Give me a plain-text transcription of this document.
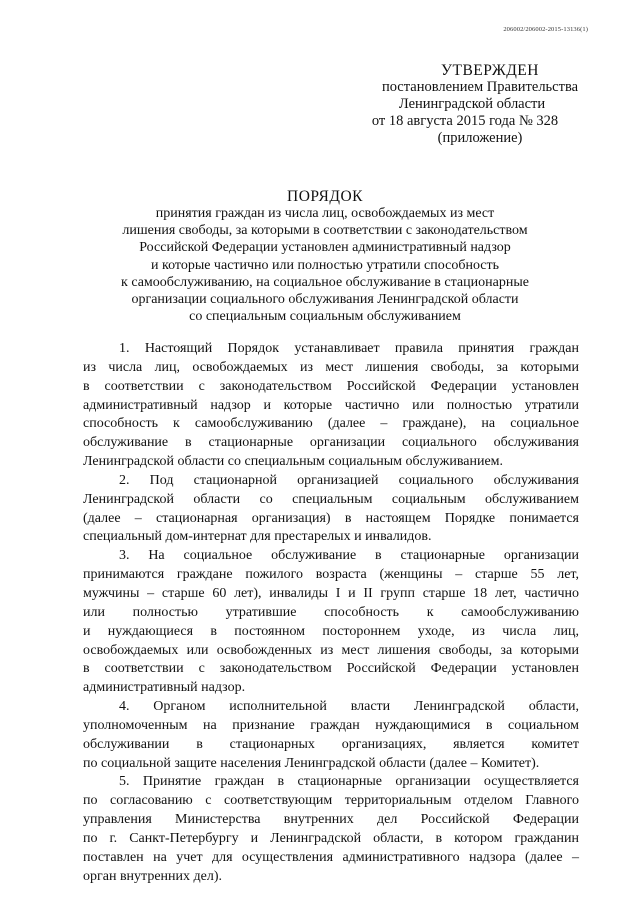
206002/206002-2015-13136(1)
УТВЕРЖДЕН
постановлением Правительства
Ленинградской области
от 18 августа 2015 года № 328
(приложение)
ПОРЯДОК
принятия граждан из числа лиц, освобождаемых из мест
лишения свободы, за которыми в соответствии с законодательством
Российской Федерации установлен административный надзор
и которые частично или полностью утратили способность
к самообслуживанию, на социальное обслуживание в стационарные
организации социального обслуживания Ленинградской области
со специальным социальным обслуживанием

1. Настоящий Порядок устанавливает правила принятия граждан
из числа лиц, освобождаемых из мест лишения свободы, за которыми
в соответствии с законодательством Российской Федерации установлен
административный надзор и которые частично или полностью утратили
способность к самообслуживанию (далее – граждане), на социальное
обслуживание в стационарные организации социального обслуживания
Ленинградской области со специальным социальным обслуживанием.

2. Под стационарной организацией социального обслуживания
Ленинградской области со специальным социальным обслуживанием
(далее – стационарная организация) в настоящем Порядке понимается
специальный дом-интернат для престарелых и инвалидов.

3. На социальное обслуживание в стационарные организации
принимаются граждане пожилого возраста (женщины – старше 55 лет,
мужчины – старше 60 лет), инвалиды I и II групп старше 18 лет, частично
или полностью утратившие способность к самообслуживанию
и нуждающиеся в постоянном постороннем уходе, из числа лиц,
освобождаемых или освобожденных из мест лишения свободы, за которыми
в соответствии с законодательством Российской Федерации установлен
административный надзор.

4. Органом исполнительной власти Ленинградской области,
уполномоченным на признание граждан нуждающимися в социальном
обслуживании в стационарных организациях, является комитет
по социальной защите населения Ленинградской области (далее – Комитет).

5. Принятие граждан в стационарные организации осуществляется
по согласованию с соответствующим территориальным отделом Главного
управления Министерства внутренних дел Российской Федерации
по г. Санкт-Петербургу и Ленинградской области, в котором гражданин
поставлен на учет для осуществления административного надзора (далее –
орган внутренних дел).
